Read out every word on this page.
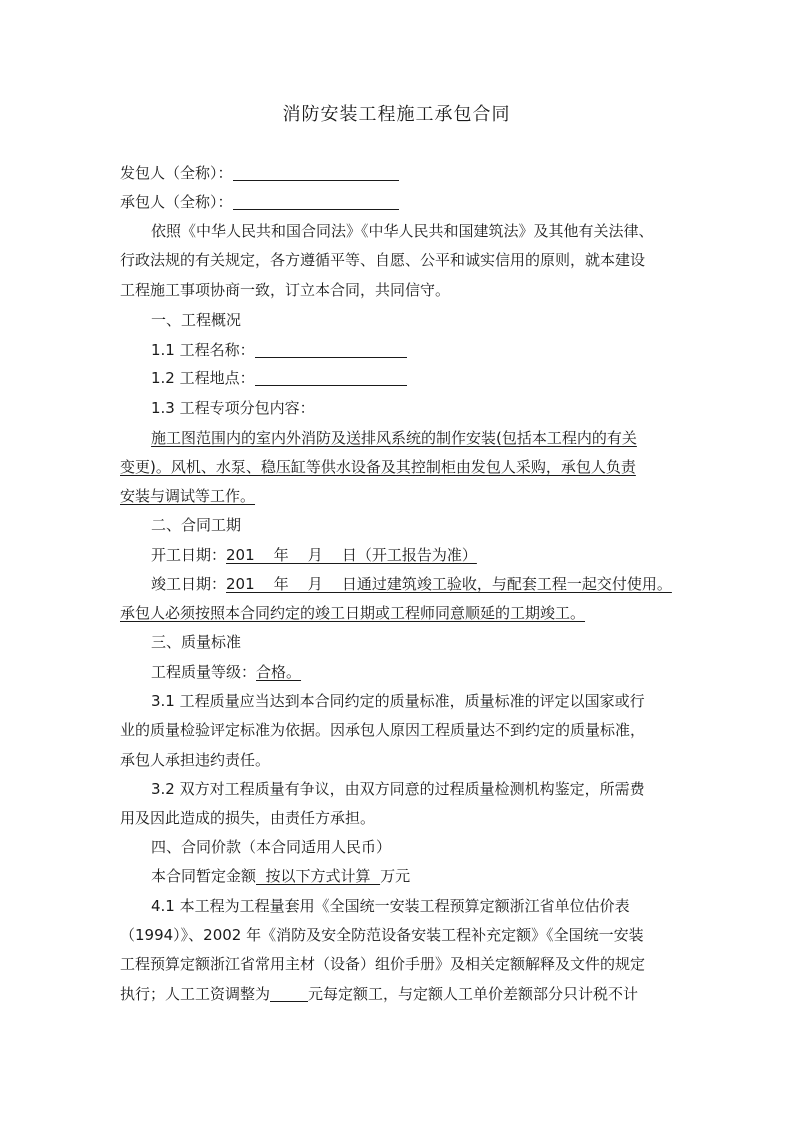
消防安装工程施工承包合同
发包人（全称）：
承包人（全称）：
依照《中华人民共和国合同法》《中华人民共和国建筑法》及其他有关法律、
行政法规的有关规定，各方遵循平等、自愿、公平和诚实信用的原则，就本建设
工程施工事项协商一致，订立本合同，共同信守。
一、工程概况
1.1 工程名称：
1.2 工程地点：
1.3 工程专项分包内容：
施工图范围内的室内外消防及送排风系统的制作安装(包括本工程内的有关
变更)。风机、水泵、稳压缸等供水设备及其控制柜由发包人采购，承包人负责
安装与调试等工作。
二、合同工期
开工日期：201    年    月    日（开工报告为准）
竣工日期：201    年    月    日通过建筑竣工验收，与配套工程一起交付使用。
承包人必须按照本合同约定的竣工日期或工程师同意顺延的工期竣工。
三、质量标准
工程质量等级：合格。
3.1 工程质量应当达到本合同约定的质量标准，质量标准的评定以国家或行
业的质量检验评定标准为依据。因承包人原因工程质量达不到约定的质量标准，
承包人承担违约责任。
3.2 双方对工程质量有争议，由双方同意的过程质量检测机构鉴定，所需费
用及因此造成的损失，由责任方承担。
四、合同价款（本合同适用人民币）
本合同暂定金额  按以下方式计算  万元
4.1 本工程为工程量套用《全国统一安装工程预算定额浙江省单位估价表
（1994）》、2002 年《消防及安全防范设备安装工程补充定额》《全国统一安装
工程预算定额浙江省常用主材（设备）组价手册》及相关定额解释及文件的规定
执行；人工工资调整为	元每定额工，与定额人工单价差额部分只计税不计
